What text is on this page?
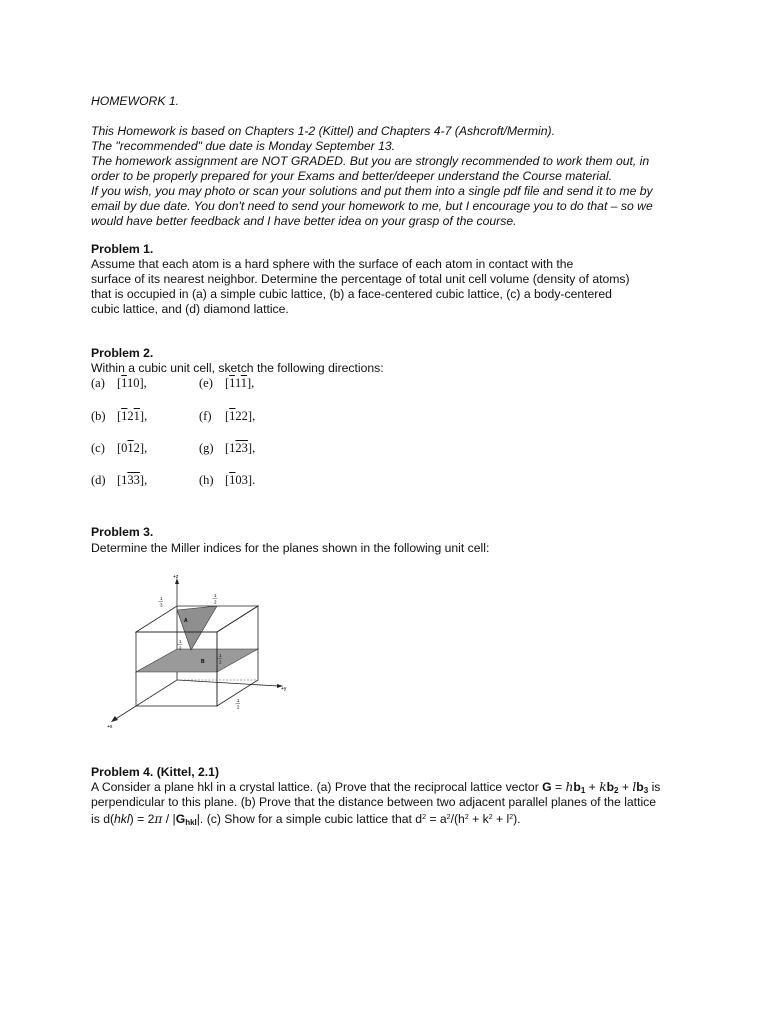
HOMEWORK 1.
This Homework is based on Chapters 1-2 (Kittel) and Chapters 4-7 (Ashcroft/Mermin).
The "recommended" due date is Monday September 13.
The homework assignment are NOT GRADED. But you are strongly recommended to work them out, in
order to be properly prepared for your Exams and better/deeper understand the Course material.
If you wish, you may photo or scan your solutions and put them into a single pdf file and send it to me by
email by due date. You don't need to send your homework to me, but I encourage you to do that – so we
would have better feedback and I have better idea on your grasp of the course.
Problem 1.
Assume that each atom is a hard sphere with the surface of each atom in contact with the
surface of its nearest neighbor. Determine the percentage of total unit cell volume (density of atoms)
that is occupied in (a) a simple cubic lattice, (b) a face-centered cubic lattice, (c) a body-centered
cubic lattice, and (d) diamond lattice.
Problem 2.
Within a cubic unit cell, sketch the following directions:
(a) [110],	(e) [111],
(b) [121],	(f) [122],
(c) [012],	(g) [123],
(d) [133],	(h) [103].
Problem 3.
Determine the Miller indices for the planes shown in the following unit cell:
+z
+y
+x
B
A
1
3
1
2
1
2
1
2
1
2
Problem 4. (Kittel, 2.1)
A Consider a plane hkl in a crystal lattice. (a) Prove that the reciprocal lattice vector $G = hb_1 + kb_2 + lb_3$ is
perpendicular to this plane. (b) Prove that the distance between two adjacent parallel planes of the lattice
is $d(hkl) = 2\pi / |G_{hkl}|$. (c) Show for a simple cubic lattice that $d^2 = a^2/(h^2 + k^2 + l^2)$.
